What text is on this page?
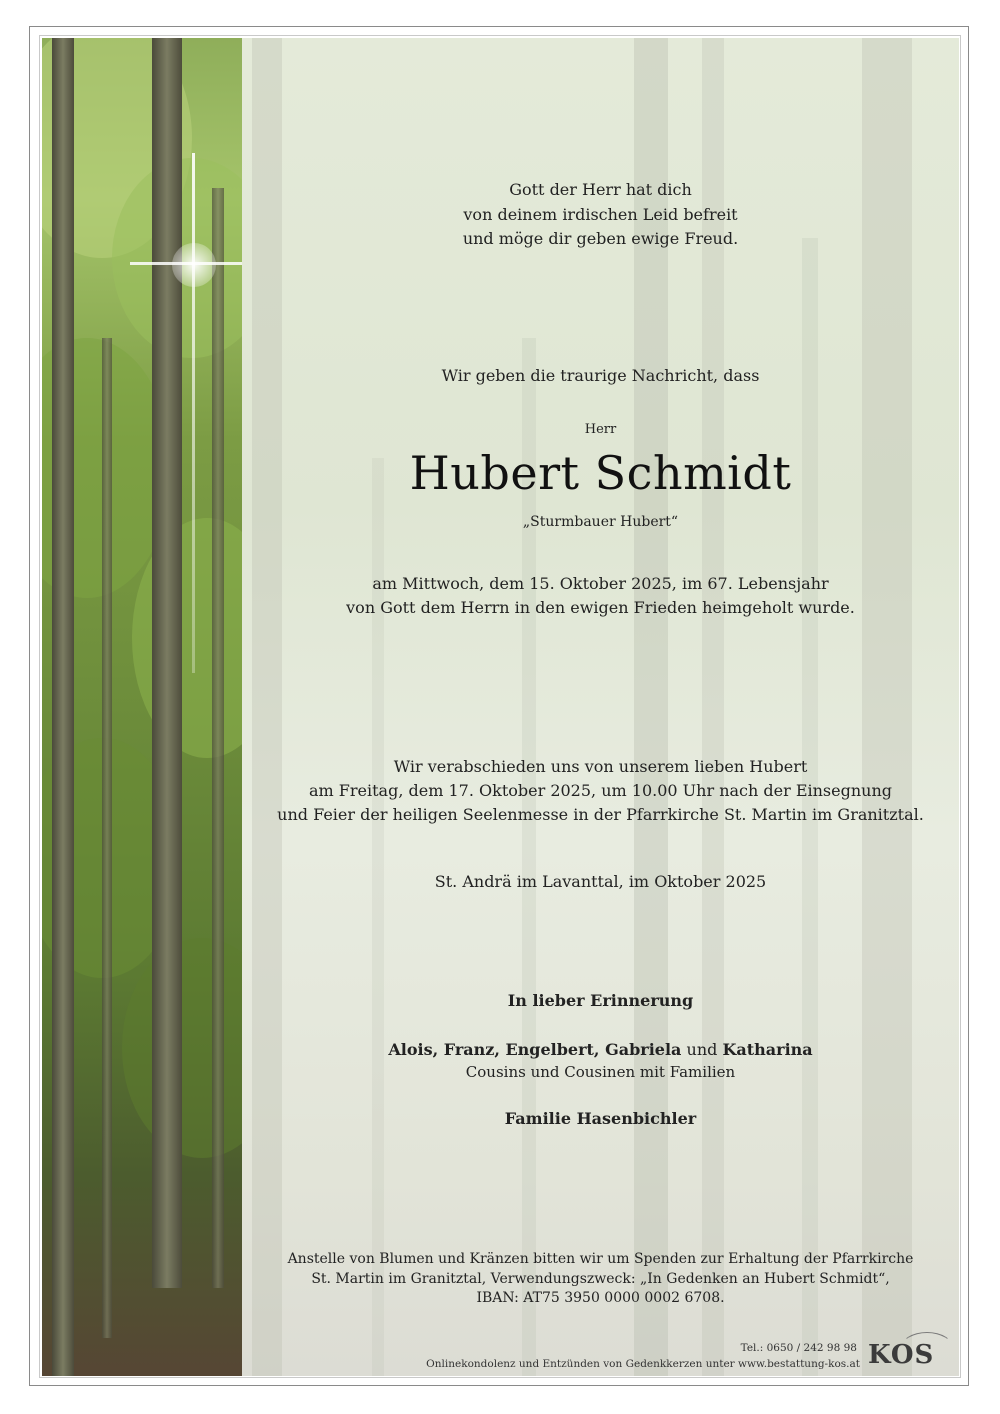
Gott der Herr hat dich
von deinem irdischen Leid befreit
und möge dir geben ewige Freud.
Wir geben die traurige Nachricht, dass
Herr
Hubert Schmidt
„Sturmbauer Hubert“
am Mittwoch, dem 15. Oktober 2025, im 67. Lebensjahr
von Gott dem Herrn in den ewigen Frieden heimgeholt wurde.
Wir verabschieden uns von unserem lieben Hubert
am Freitag, dem 17. Oktober 2025, um 10.00 Uhr nach der Einsegnung
und Feier der heiligen Seelenmesse in der Pfarrkirche St. Martin im Granitztal.
St. Andrä im Lavanttal, im Oktober 2025
In lieber Erinnerung
Alois, Franz, Engelbert, Gabriela und Katharina
Cousins und Cousinen mit Familien
Familie Hasenbichler
Anstelle von Blumen und Kränzen bitten wir um Spenden zur Erhaltung der Pfarrkirche
St. Martin im Granitztal, Verwendungszweck: „In Gedenken an Hubert Schmidt“,
IBAN: AT75 3950 0000 0002 6708.
Tel.: 0650 / 242 98 98
Onlinekondolenz und Entzünden von Gedenkkerzen unter www.bestattung-kos.at KOS
